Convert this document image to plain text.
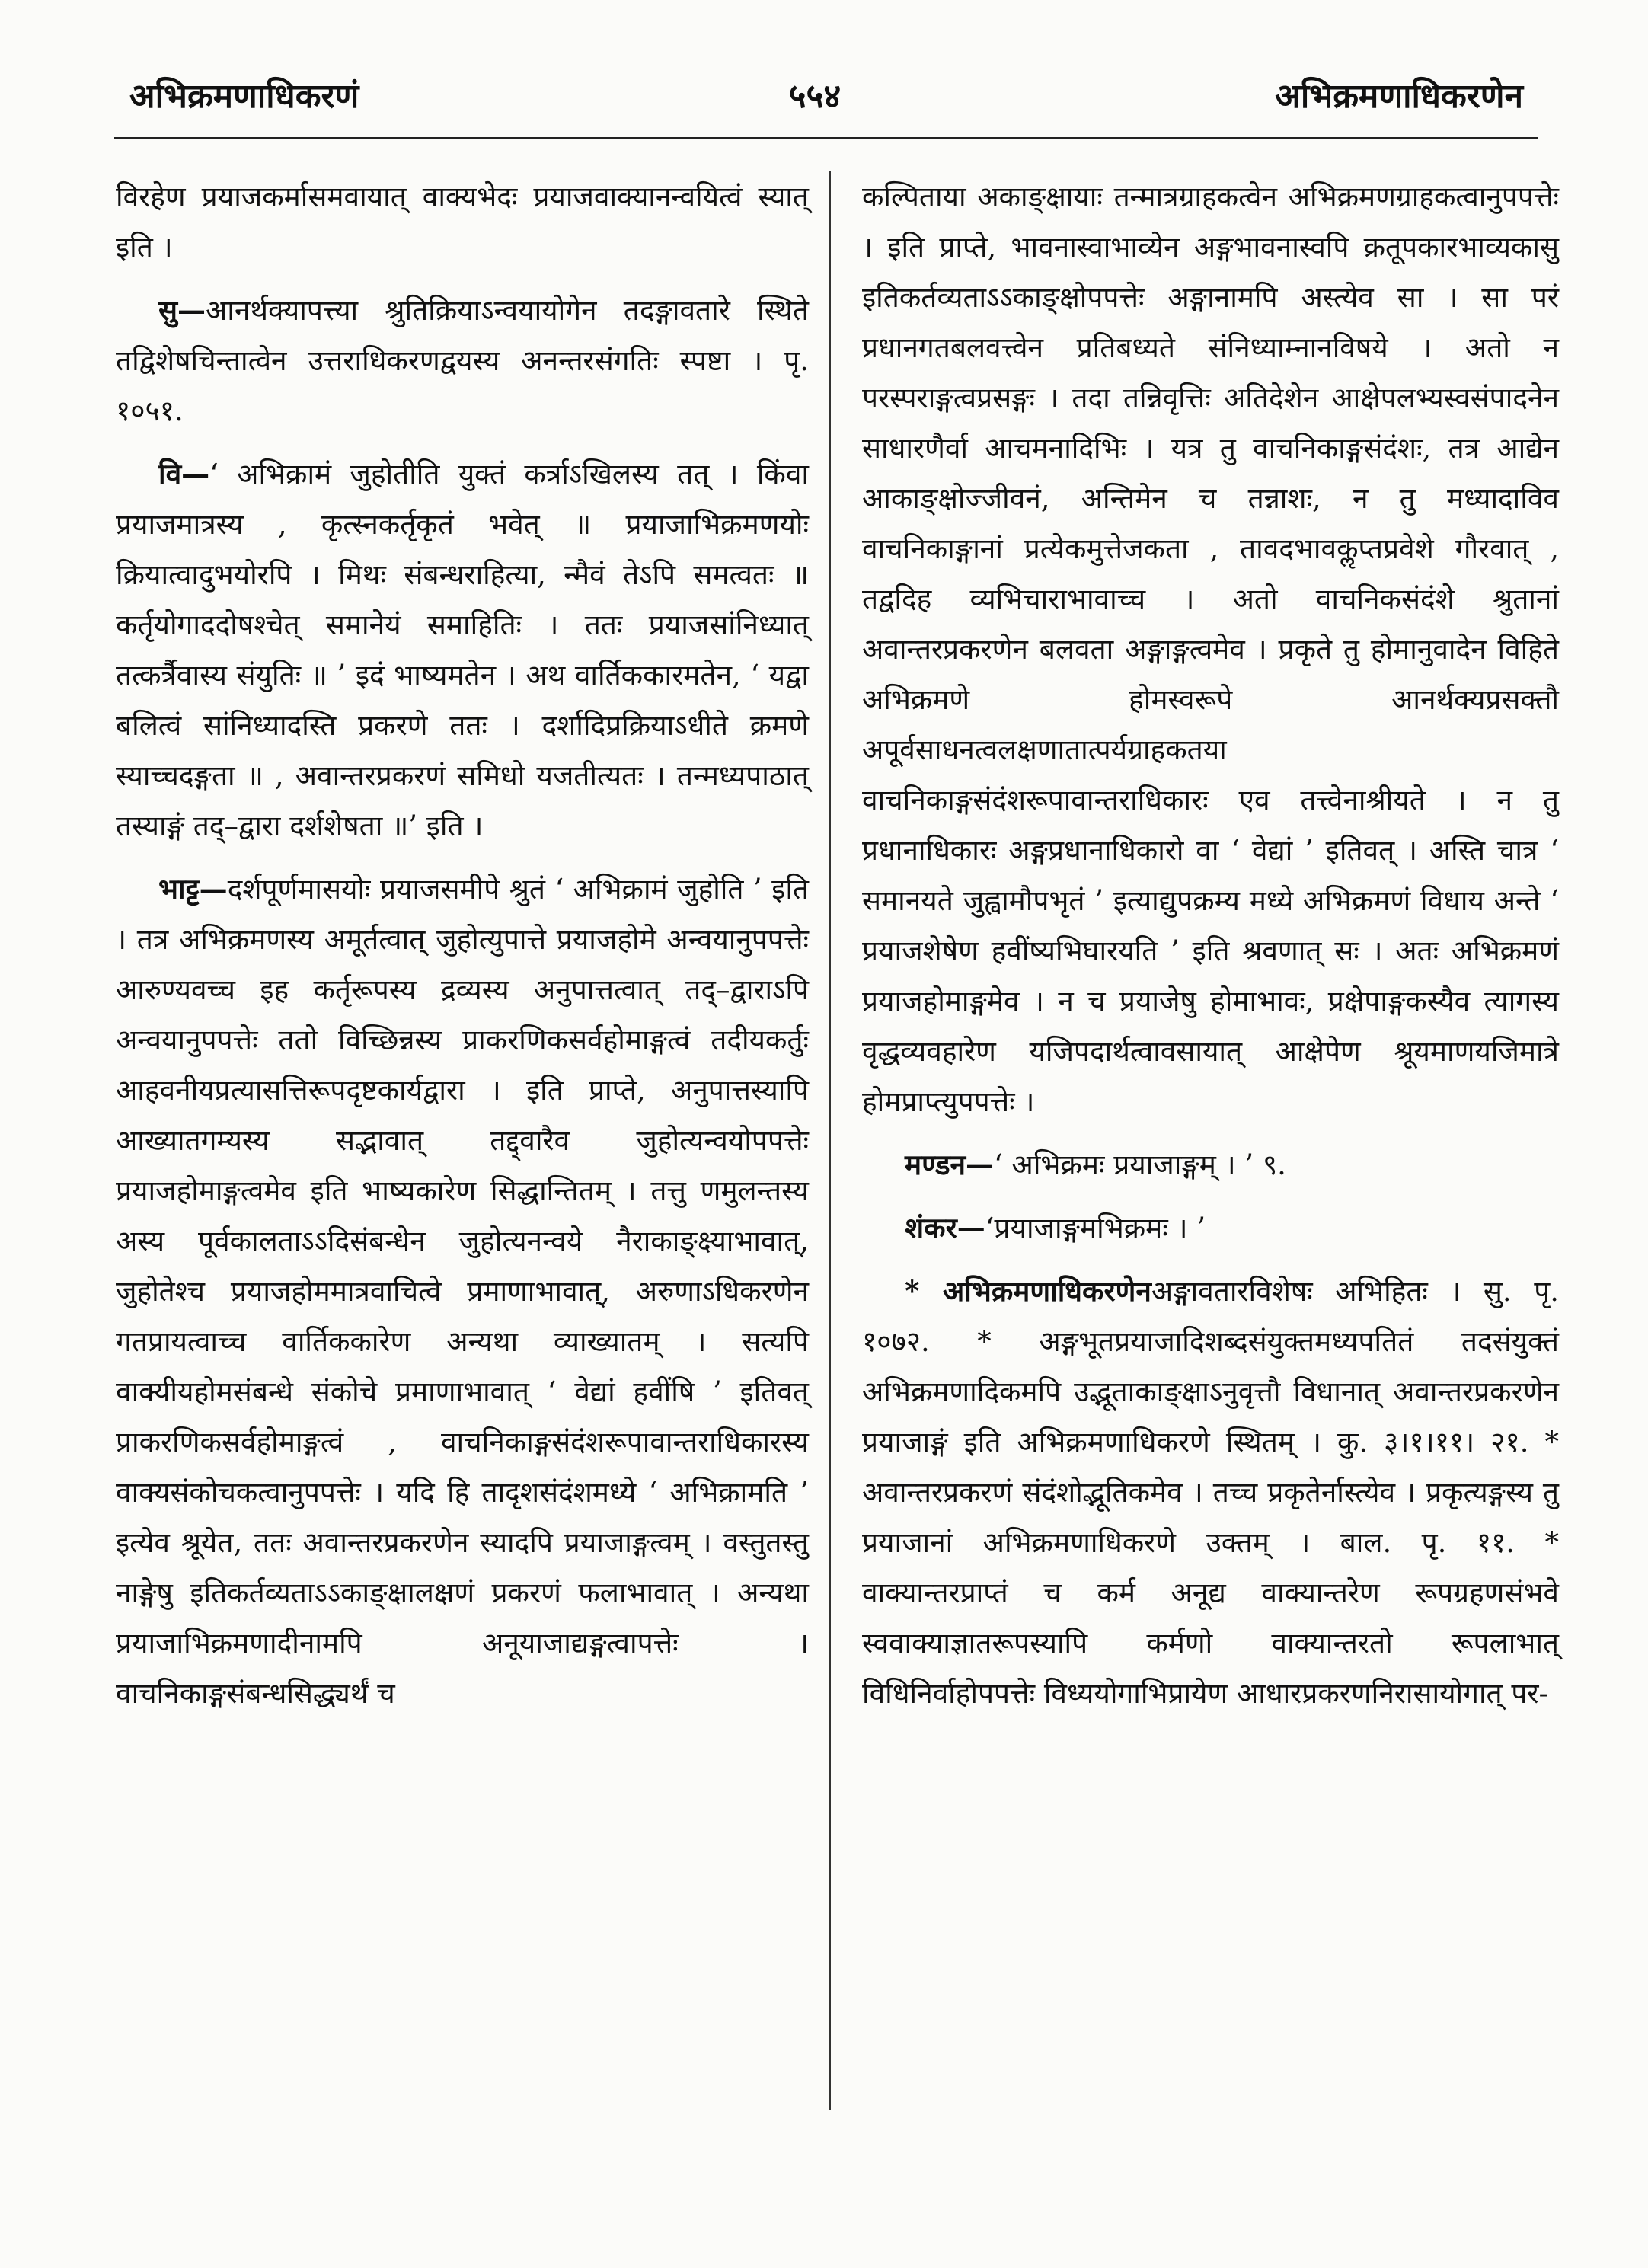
अभिक्रमणाधिकरणं	५५४	अभिक्रमणाधिकरणेन

विरहेण प्रयाजकर्मासमवायात् वाक्यभेदः प्रयाजवाक्यानन्वयित्वं स्यात् इति ।

सु—आनर्थक्यापत्त्या श्रुतिक्रियाऽन्वयायोगेन तदङ्गावतारे स्थिते तद्विशेषचिन्तात्वेन उत्तराधिकरणद्वयस्य अनन्तरसंगतिः स्पष्टा । पृ. १०५१.

वि—‘ अभिक्रामं जुहोतीति युक्तं कर्त्राऽखिलस्य तत् । किंवा प्रयाजमात्रस्य , कृत्स्नकर्तृकृतं भवेत् ॥ प्रयाजाभिक्रमणयोः क्रियात्वादुभयोरपि । मिथः संबन्धराहित्या, न्मैवं तेऽपि समत्वतः ॥ कर्तृयोगाददोषश्चेत् समानेयं समाहितिः । ततः प्रयाजसांनिध्यात् तत्कर्त्रैवास्य संयुतिः ॥ ’ इदं भाष्यमतेन । अथ वार्तिककारमतेन, ‘ यद्वा बलित्वं सांनिध्यादस्ति प्रकरणे ततः । दर्शादिप्रक्रियाऽधीते क्रमणे स्याच्चदङ्गता ॥ , अवान्तरप्रकरणं समिधो यजतीत्यतः । तन्मध्यपाठात् तस्याङ्गं तद्–द्वारा दर्शशेषता ॥’ इति ।

भाट्ट—दर्शपूर्णमासयोः प्रयाजसमीपे श्रुतं ‘ अभिक्रामं जुहोति ’ इति । तत्र अभिक्रमणस्य अमूर्तत्वात् जुहोत्युपात्ते प्रयाजहोमे अन्वयानुपपत्तेः आरुण्यवच्च इह कर्तृरूपस्य द्रव्यस्य अनुपात्तत्वात् तद्–द्वाराऽपि अन्वयानुपपत्तेः ततो विच्छिन्नस्य प्राकरणिकसर्वहोमाङ्गत्वं तदीयकर्तुः आहवनीयप्रत्यासत्तिरूपदृष्टकार्यद्वारा । इति प्राप्ते, अनुपात्तस्यापि आख्यातगम्यस्य सद्भावात् तद्द्वारैव जुहोत्यन्वयोपपत्तेः प्रयाजहोमाङ्गत्वमेव इति भाष्यकारेण सिद्धान्तितम् । तत्तु णमुलन्तस्य अस्य पूर्वकालताऽऽदिसंबन्धेन जुहोत्यनन्वये नैराकाङ्क्ष्याभावात्, जुहोतेश्च प्रयाजहोममात्रवाचित्वे प्रमाणाभावात्, अरुणाऽधिकरणेन गतप्रायत्वाच्च वार्तिककारेण अन्यथा व्याख्यातम् । सत्यपि वाक्यीयहोमसंबन्धे संकोचे प्रमाणाभावात् ‘ वेद्यां हवींषि ’ इतिवत् प्राकरणिकसर्वहोमाङ्गत्वं , वाचनिकाङ्गसंदंशरूपावान्तराधिकारस्य वाक्यसंकोचकत्वानुपपत्तेः । यदि हि तादृशसंदंशमध्ये ‘ अभिक्रामति ’ इत्येव श्रूयेत, ततः अवान्तरप्रकरणेन स्यादपि प्रयाजाङ्गत्वम् । वस्तुतस्तु नाङ्गेषु इतिकर्तव्यताऽऽकाङ्क्षालक्षणं प्रकरणं फलाभावात् । अन्यथा प्रयाजाभिक्रमणादीनामपि अनूयाजाद्यङ्गत्वापत्तेः । वाचनिकाङ्गसंबन्धसिद्ध्यर्थं च

कल्पिताया अकाङ्क्षायाः तन्मात्रग्राहकत्वेन अभिक्रमणग्राहकत्वानुपपत्तेः । इति प्राप्ते, भावनास्वाभाव्येन अङ्गभावनास्वपि क्रतूपकारभाव्यकासु इतिकर्तव्यताऽऽकाङ्क्षोपपत्तेः अङ्गानामपि अस्त्येव सा । सा परं प्रधानगतबलवत्त्वेन प्रतिबध्यते संनिध्याम्नानविषये । अतो न परस्पराङ्गत्वप्रसङ्गः । तदा तन्निवृत्तिः अतिदेशेन आक्षेपलभ्यस्वसंपादनेन साधारणैर्वा आचमनादिभिः । यत्र तु वाचनिकाङ्गसंदंशः, तत्र आद्येन आकाङ्क्षोज्जीवनं, अन्तिमेन च तन्नाशः, न तु मध्यादाविव वाचनिकाङ्गानां प्रत्येकमुत्तेजकता , तावदभावकॢप्तप्रवेशे गौरवात् , तद्वदिह व्यभिचाराभावाच्च । अतो वाचनिकसंदंशे श्रुतानां अवान्तरप्रकरणेन बलवता अङ्गाङ्गत्वमेव । प्रकृते तु होमानुवादेन विहिते अभिक्रमणे होमस्वरूपे आनर्थक्यप्रसक्तौ अपूर्वसाधनत्वलक्षणातात्पर्यग्राहकतया वाचनिकाङ्गसंदंशरूपावान्तराधिकारः एव तत्त्वेनाश्रीयते । न तु प्रधानाधिकारः अङ्गप्रधानाधिकारो वा ‘ वेद्यां ’ इतिवत् । अस्ति चात्र ‘ समानयते जुह्वामौपभृतं ’ इत्याद्युपक्रम्य मध्ये अभिक्रमणं विधाय अन्ते ‘ प्रयाजशेषेण हवींष्यभिघारयति ’ इति श्रवणात् सः । अतः अभिक्रमणं प्रयाजहोमाङ्गमेव । न च प्रयाजेषु होमाभावः, प्रक्षेपाङ्गकस्यैव त्यागस्य वृद्धव्यवहारेण यजिपदार्थत्वावसायात् आक्षेपेण श्रूयमाणयजिमात्रे होमप्राप्त्युपपत्तेः ।

मण्डन—‘ अभिक्रमः प्रयाजाङ्गम् । ’ ९.

शंकर—‘प्रयाजाङ्गमभिक्रमः । ’

* अभिक्रमणाधिकरणेनअङ्गावतारविशेषः अभिहितः । सु. पृ. १०७२. * अङ्गभूतप्रयाजादिशब्दसंयुक्तमध्यपतितं तदसंयुक्तं अभिक्रमणादिकमपि उद्भूताकाङ्क्षाऽनुवृत्तौ विधानात् अवान्तरप्रकरणेन प्रयाजाङ्गं इति अभिक्रमणाधिकरणे स्थितम् । कु. ३।१।११। २१. * अवान्तरप्रकरणं संदंशोद्भूतिकमेव । तच्च प्रकृतेर्नास्त्येव । प्रकृत्यङ्गस्य तु प्रयाजानां अभिक्रमणाधिकरणे उक्तम् । बाल. पृ. ११. * वाक्यान्तरप्राप्तं च कर्म अनूद्य वाक्यान्तरेण रूपग्रहणसंभवे स्ववाक्याज्ञातरूपस्यापि कर्मणो वाक्यान्तरतो रूपलाभात् विधिनिर्वाहोपपत्तेः विध्ययोगाभिप्रायेण आधारप्रकरणनिरासायोगात् पर-
